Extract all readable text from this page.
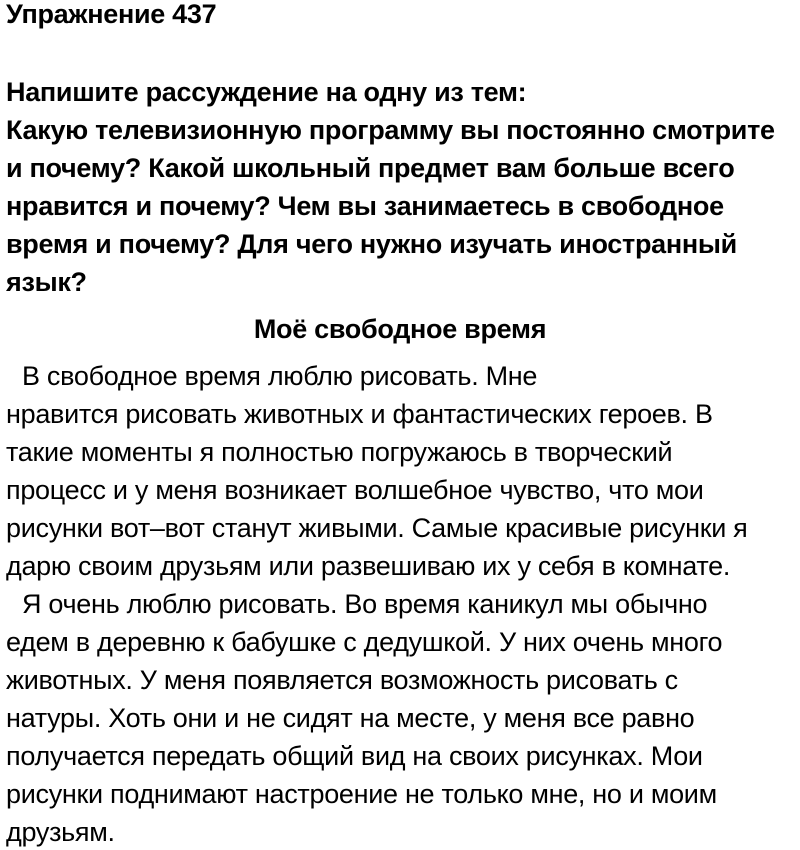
Упражнение 437
Напишите рассуждение на одну из тем:
Какую телевизионную программу вы постоянно смотрите
и почему? Какой школьный предмет вам больше всего
нравится и почему? Чем вы занимаетесь в свободное
время и почему? Для чего нужно изучать иностранный
язык?
Моё свободное время
В свободное время люблю рисовать. Мне
нравится рисовать животных и фантастических героев. В
такие моменты я полностью погружаюсь в творческий
процесс и у меня возникает волшебное чувство, что мои
рисунки вот–вот станут живыми. Самые красивые рисунки я
дарю своим друзьям или развешиваю их у себя в комнате.
Я очень люблю рисовать. Во время каникул мы обычно
едем в деревню к бабушке с дедушкой. У них очень много
животных. У меня появляется возможность рисовать с
натуры. Хоть они и не сидят на месте, у меня все равно
получается передать общий вид на своих рисунках. Мои
рисунки поднимают настроение не только мне, но и моим
друзьям.
